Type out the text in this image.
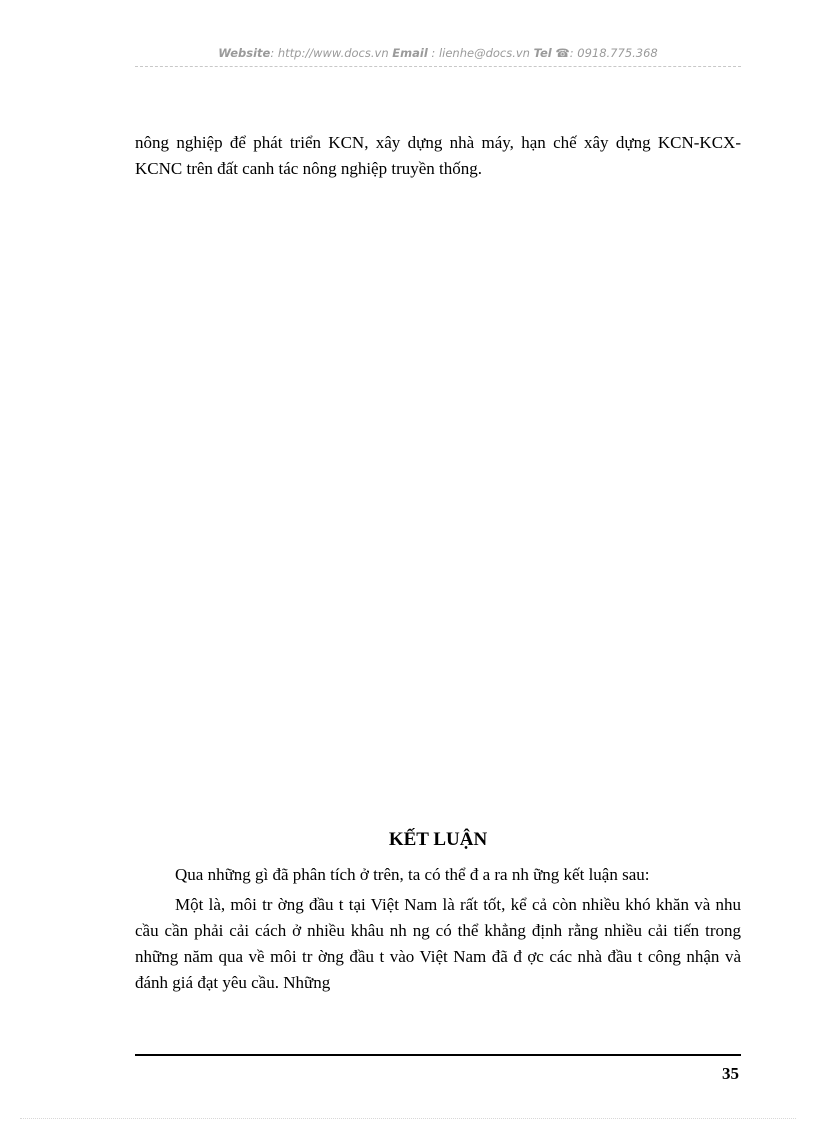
Website: http://www.docs.vn Email : lienhe@docs.vn Tel ☎: 0918.775.368

nông nghiệp để phát triển KCN, xây dựng nhà máy, hạn chế xây dựng KCN-KCX-KCNC trên đất canh tác nông nghiệp truyền thống.

KẾT LUẬN

Qua những gì đã phân tích ở trên, ta có thể đ a ra nh ững kết luận sau:

Một là, môi tr ờng đầu t tại Việt Nam là rất tốt, kể cả còn nhiều khó khăn và nhu cầu cần phải cải cách ở nhiều khâu nh ng có thể khẳng định rằng nhiều cải tiến trong những năm qua về môi tr ờng đầu t vào Việt Nam đã đ ợc các nhà đầu t công nhận và đánh giá đạt yêu cầu. Những

35
